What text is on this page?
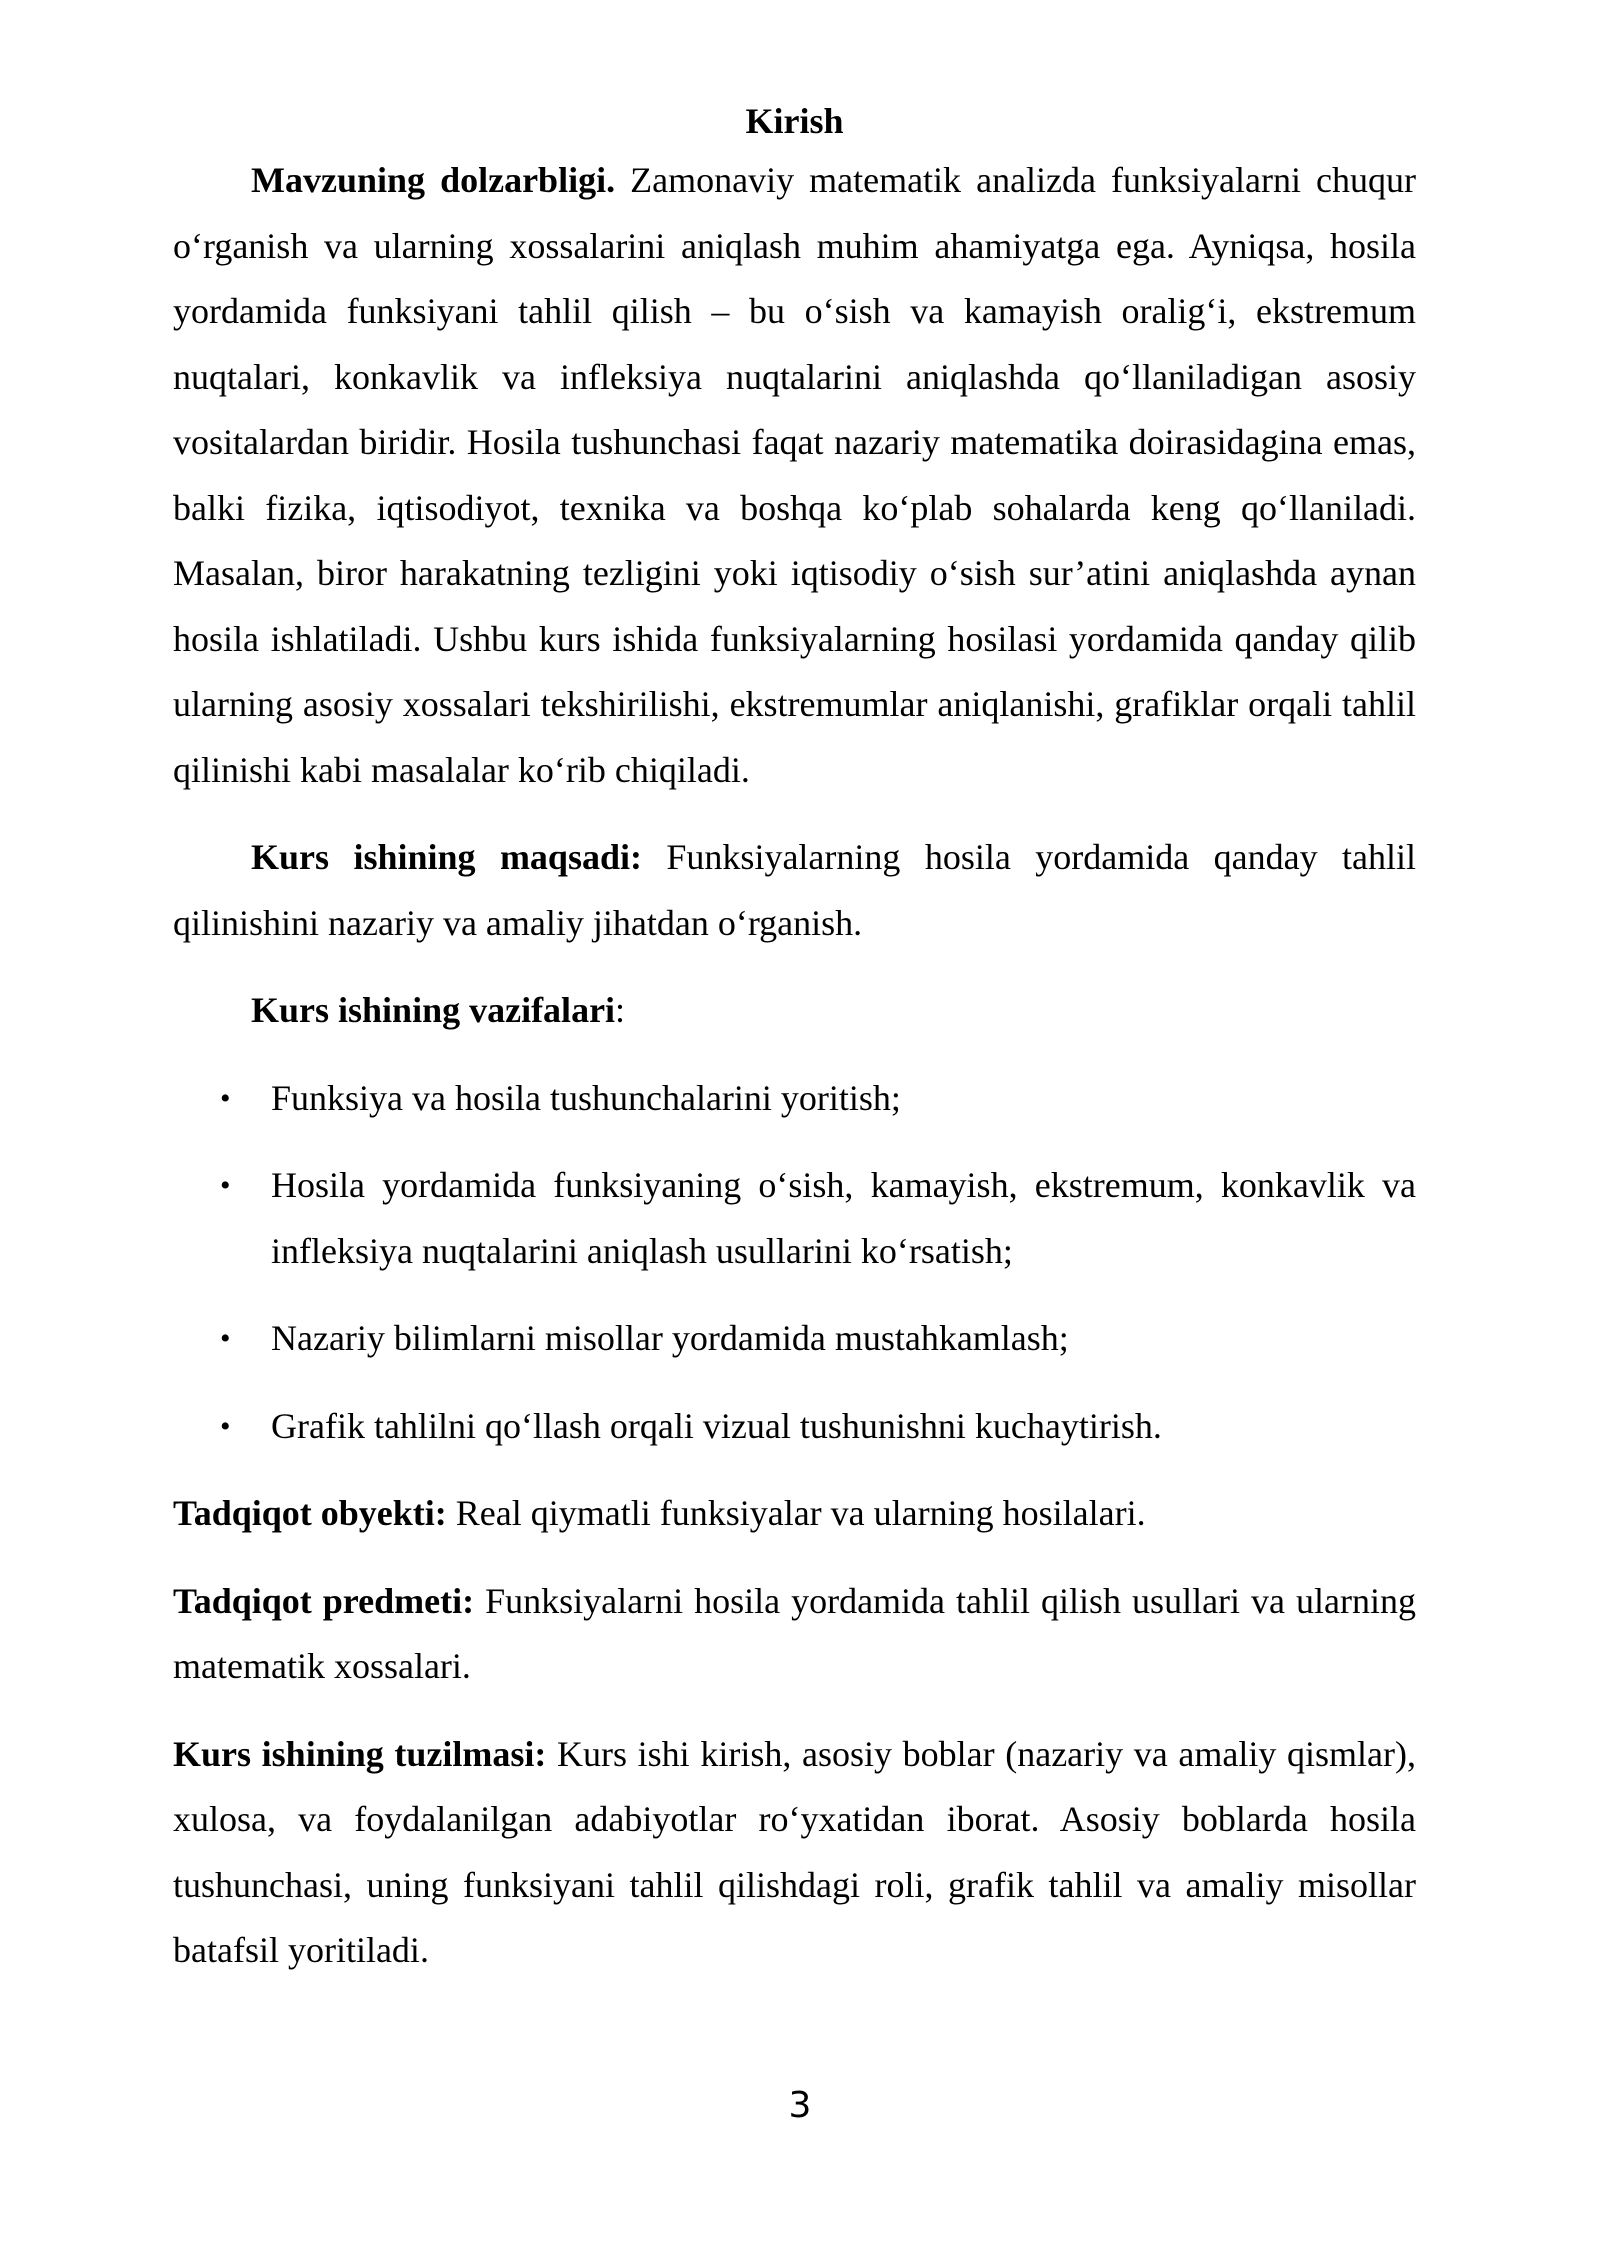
Kirish

Mavzuning dolzarbligi. Zamonaviy matematik analizda funksiyalarni chuqur o‘rganish va ularning xossalarini aniqlash muhim ahamiyatga ega. Ayniqsa, hosila yordamida funksiyani tahlil qilish – bu o‘sish va kamayish oralig‘i, ekstremum nuqtalari, konkavlik va infleksiya nuqtalarini aniqlashda qo‘llaniladigan asosiy vositalardan biridir. Hosila tushunchasi faqat nazariy matematika doirasidagina emas, balki fizika, iqtisodiyot, texnika va boshqa ko‘plab sohalarda keng qo‘llaniladi. Masalan, biror harakatning tezligini yoki iqtisodiy o‘sish sur’atini aniqlashda aynan hosila ishlatiladi. Ushbu kurs ishida funksiyalarning hosilasi yordamida qanday qilib ularning asosiy xossalari tekshirilishi, ekstremumlar aniqlanishi, grafiklar orqali tahlil qilinishi kabi masalalar ko‘rib chiqiladi.

Kurs ishining maqsadi: Funksiyalarning hosila yordamida qanday tahlil qilinishini nazariy va amaliy jihatdan o‘rganish.

Kurs ishining vazifalari:

• Funksiya va hosila tushunchalarini yoritish;
• Hosila yordamida funksiyaning o‘sish, kamayish, ekstremum, konkavlik va infleksiya nuqtalarini aniqlash usullarini ko‘rsatish;
• Nazariy bilimlarni misollar yordamida mustahkamlash;
• Grafik tahlilni qo‘llash orqali vizual tushunishni kuchaytirish.

Tadqiqot obyekti: Real qiymatli funksiyalar va ularning hosilalari.

Tadqiqot predmeti: Funksiyalarni hosila yordamida tahlil qilish usullari va ularning matematik xossalari.

Kurs ishining tuzilmasi: Kurs ishi kirish, asosiy boblar (nazariy va amaliy qismlar), xulosa, va foydalanilgan adabiyotlar ro‘yxatidan iborat. Asosiy boblarda hosila tushunchasi, uning funksiyani tahlil qilishdagi roli, grafik tahlil va amaliy misollar batafsil yoritiladi.

3
